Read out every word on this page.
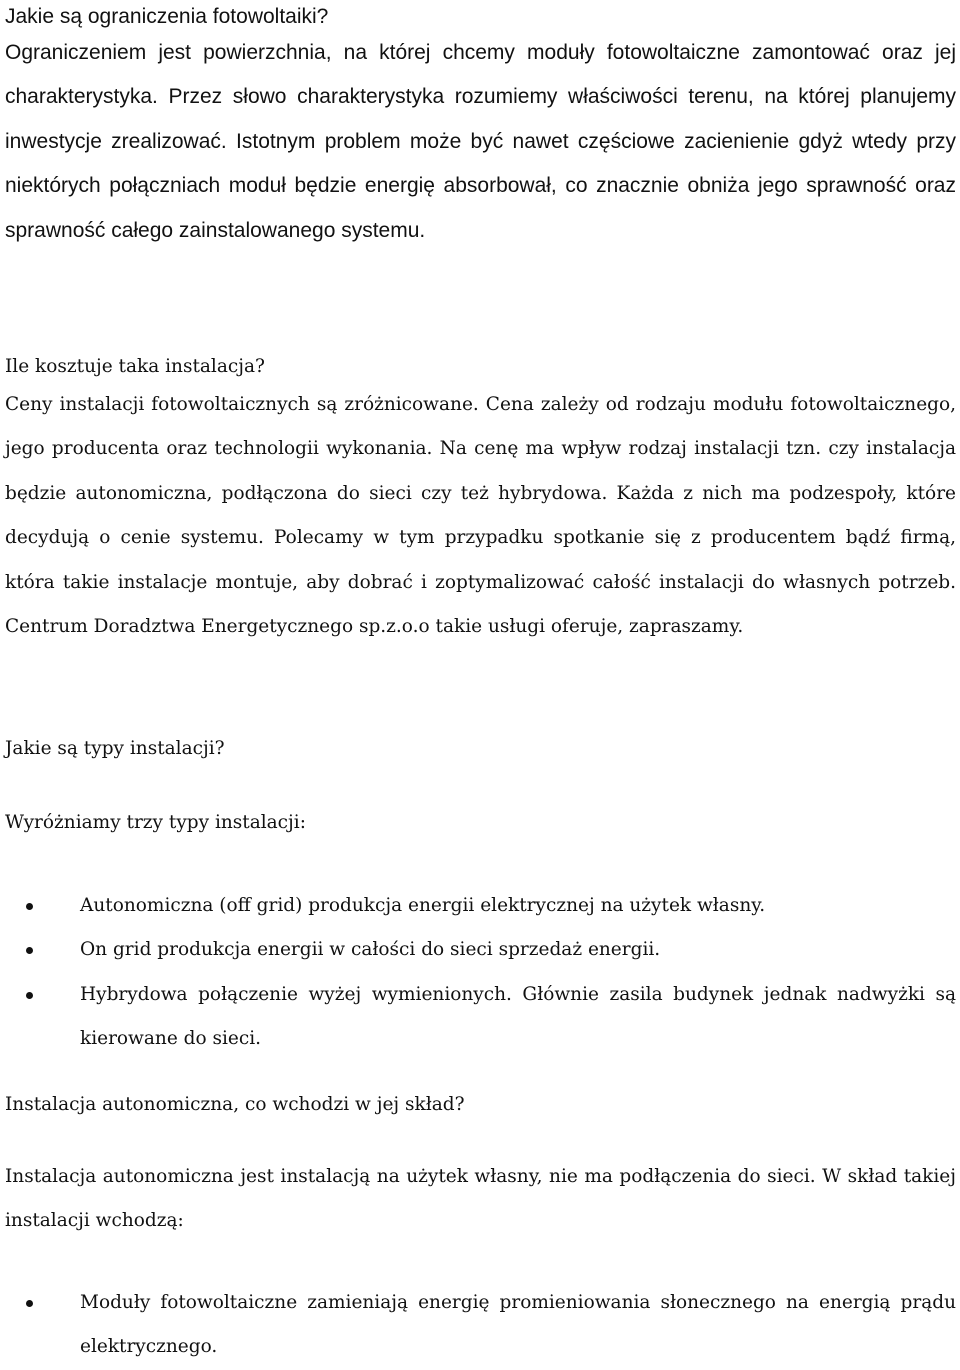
Jakie są ograniczenia fotowoltaiki?

Ograniczeniem jest powierzchnia, na której chcemy moduły fotowoltaiczne zamontować oraz jej charakterystyka. Przez słowo charakterystyka rozumiemy właściwości terenu, na której planujemy inwestycje zrealizować. Istotnym problem może być nawet częściowe zacienienie gdyż wtedy przy niektórych połączniach moduł będzie energię absorbował, co znacznie obniża jego sprawność oraz sprawność całego zainstalowanego systemu.

Ile kosztuje taka instalacja?

Ceny instalacji fotowoltaicznych są zróżnicowane. Cena zależy od rodzaju modułu fotowoltaicznego, jego producenta oraz technologii wykonania. Na cenę ma wpływ rodzaj instalacji tzn. czy instalacja będzie autonomiczna, podłączona do sieci czy też hybrydowa. Każda z nich ma podzespoły, które decydują o cenie systemu. Polecamy w tym przypadku spotkanie się z producentem bądź firmą, która takie instalacje montuje, aby dobrać i zoptymalizować całość instalacji do własnych potrzeb. Centrum Doradztwa Energetycznego sp.z.o.o takie usługi oferuje, zapraszamy.

Jakie są typy instalacji?
Wyróżniamy trzy typy instalacji:
Autonomiczna (off grid) produkcja energii elektrycznej na użytek własny.
On grid produkcja energii w całości do sieci sprzedaż energii.
Hybrydowa połączenie wyżej wymienionych. Głównie zasila budynek jednak nadwyżki są kierowane do sieci.
Instalacja autonomiczna, co wchodzi w jej skład?

Instalacja autonomiczna jest instalacją na użytek własny, nie ma podłączenia do sieci. W skład takiej instalacji wchodzą:

Moduły fotowoltaiczne zamieniają energię promieniowania słonecznego na energią prądu elektrycznego.
